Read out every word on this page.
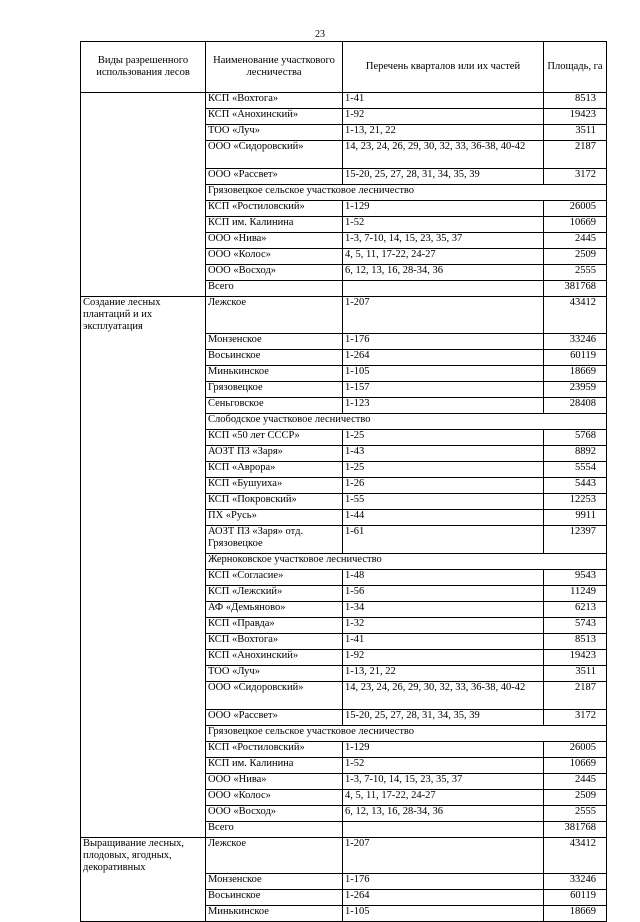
23
Виды разрешенного использования лесов	Наименование участкового лесничества	Перечень кварталов или их частей	Площадь, га
	КСП «Вохтога»	1-41	8513
	КСП «Анохинский»	1-92	19423
	ТОО «Луч»	1-13, 21, 22	3511
	ООО «Сидоровский»	14, 23, 24, 26, 29, 30, 32, 33, 36-38, 40-42	2187
	ООО «Рассвет»	15-20, 25, 27, 28, 31, 34, 35, 39	3172
	Грязовецкое сельское участковое лесничество		
	КСП «Ростиловский»	1-129	26005
	КСП им. Калинина	1-52	10669
	ООО «Нива»	1-3, 7-10, 14, 15, 23, 35, 37	2445
	ООО «Колос»	4, 5, 11, 17-22, 24-27	2509
	ООО «Восход»	6, 12, 13, 16, 28-34, 36	2555
	Всего		381768
Создание лесных плантаций и их эксплуатация	Лежское	1-207	43412
	Монзенское	1-176	33246
	Восьинское	1-264	60119
	Минькинское	1-105	18669
	Грязовецкое	1-157	23959
	Сеньговское	1-123	28408
	Слободское участковое лесничество		
	КСП «50 лет СССР»	1-25	5768
	АОЗТ ПЗ «Заря»	1-43	8892
	КСП «Аврора»	1-25	5554
	КСП «Бушуиха»	1-26	5443
	КСП «Покровский»	1-55	12253
	ПХ «Русь»	1-44	9911
	АОЗТ ПЗ «Заря» отд. Грязовецкое	1-61	12397
	Жерноковское участковое лесничество		
	КСП «Согласие»	1-48	9543
	КСП «Лежский»	1-56	11249
	АФ «Демьяново»	1-34	6213
	КСП «Правда»	1-32	5743
	КСП «Вохтога»	1-41	8513
	КСП «Анохинский»	1-92	19423
	ТОО «Луч»	1-13, 21, 22	3511
	ООО «Сидоровский»	14, 23, 24, 26, 29, 30, 32, 33, 36-38, 40-42	2187
	ООО «Рассвет»	15-20, 25, 27, 28, 31, 34, 35, 39	3172
	Грязовецкое сельское участковое лесничество		
	КСП «Ростиловский»	1-129	26005
	КСП им. Калинина	1-52	10669
	ООО «Нива»	1-3, 7-10, 14, 15, 23, 35, 37	2445
	ООО «Колос»	4, 5, 11, 17-22, 24-27	2509
	ООО «Восход»	6, 12, 13, 16, 28-34, 36	2555
	Всего		381768
Выращивание лесных, плодовых, ягодных, декоративных	Лежское	1-207	43412
	Монзенское	1-176	33246
	Восьинское	1-264	60119
	Минькинское	1-105	18669
